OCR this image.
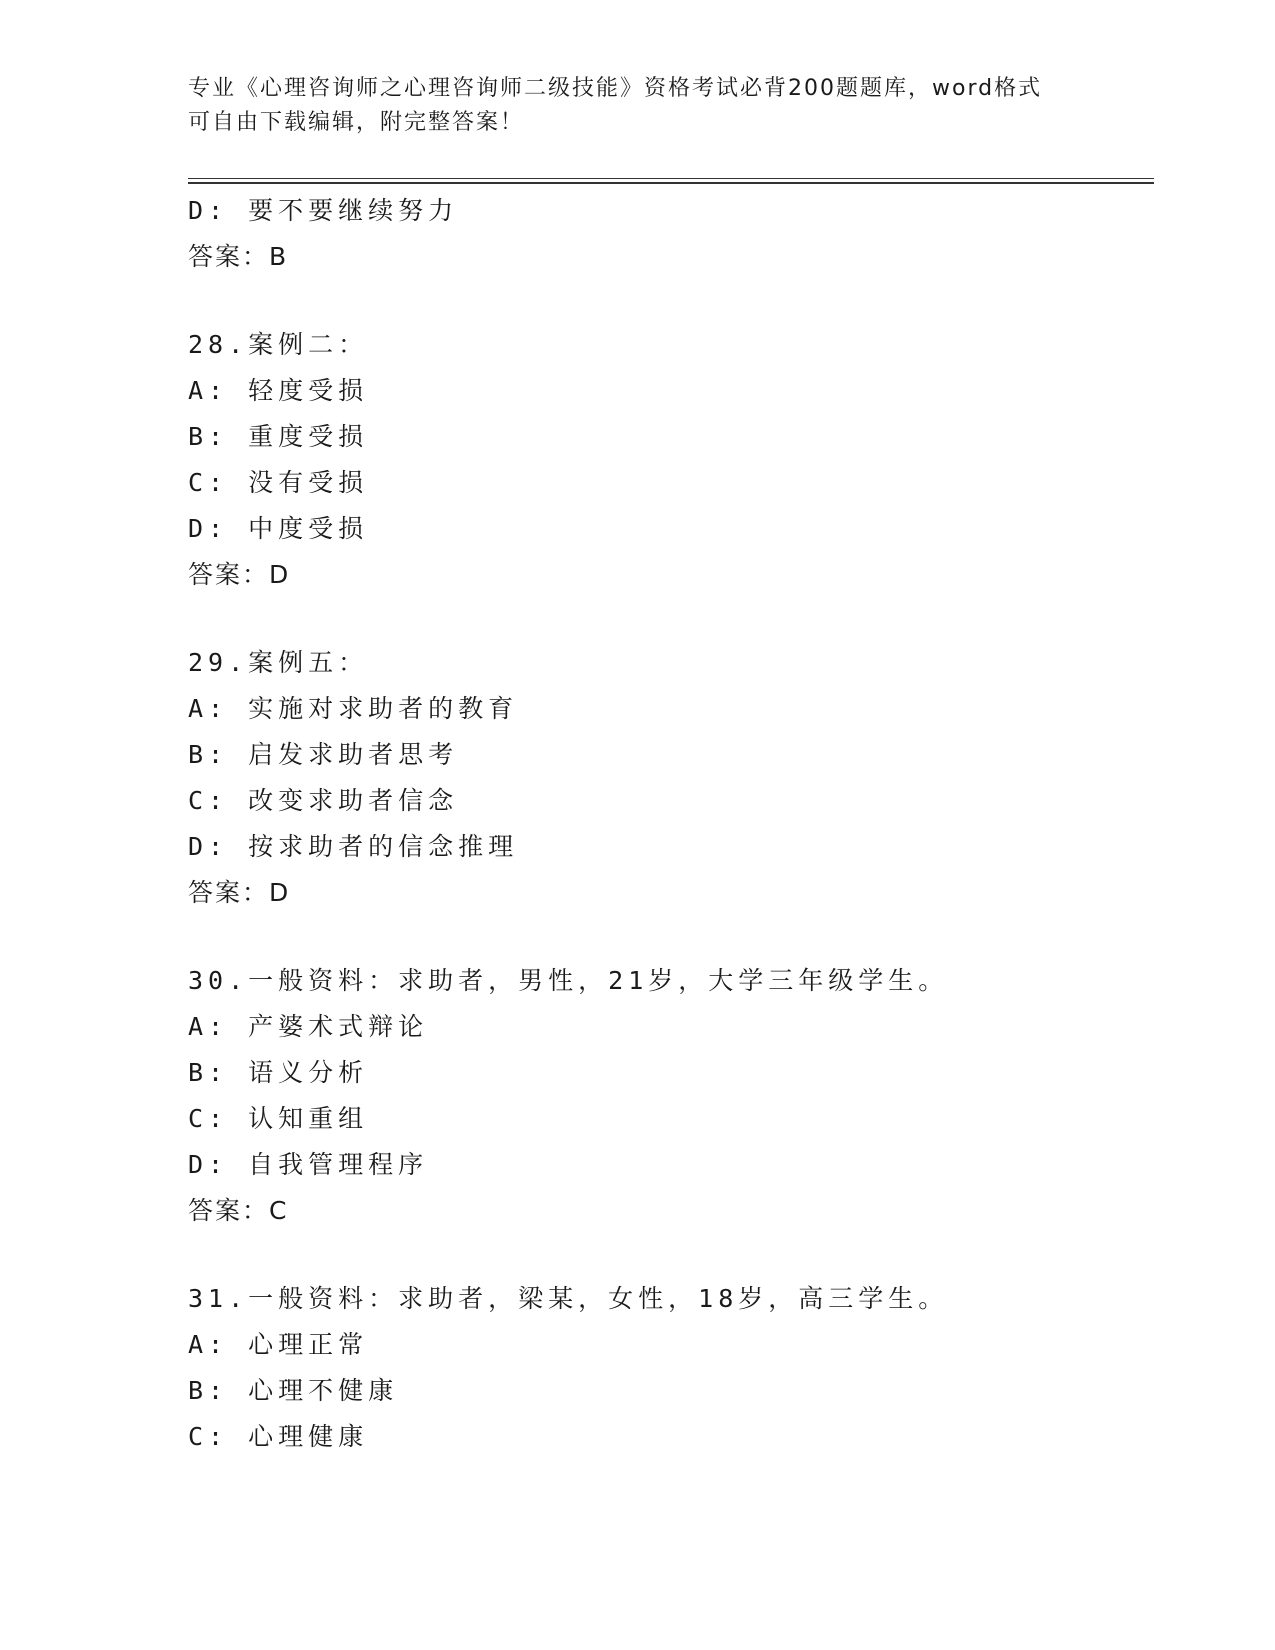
专业《心理咨询师之心理咨询师二级技能》资格考试必背200题题库，word格式
可自由下载编辑，附完整答案！
D: 要不要继续努力
答案：B
28.案例二：
A: 轻度受损
B: 重度受损
C: 没有受损
D: 中度受损
答案：D
29.案例五：
A: 实施对求助者的教育
B: 启发求助者思考
C: 改变求助者信念
D: 按求助者的信念推理
答案：D
30.一般资料：求助者，男性，21岁，大学三年级学生。
A: 产婆术式辩论
B: 语义分析
C: 认知重组
D: 自我管理程序
答案：C
31.一般资料：求助者，梁某，女性，18岁，高三学生。
A: 心理正常
B: 心理不健康
C: 心理健康
